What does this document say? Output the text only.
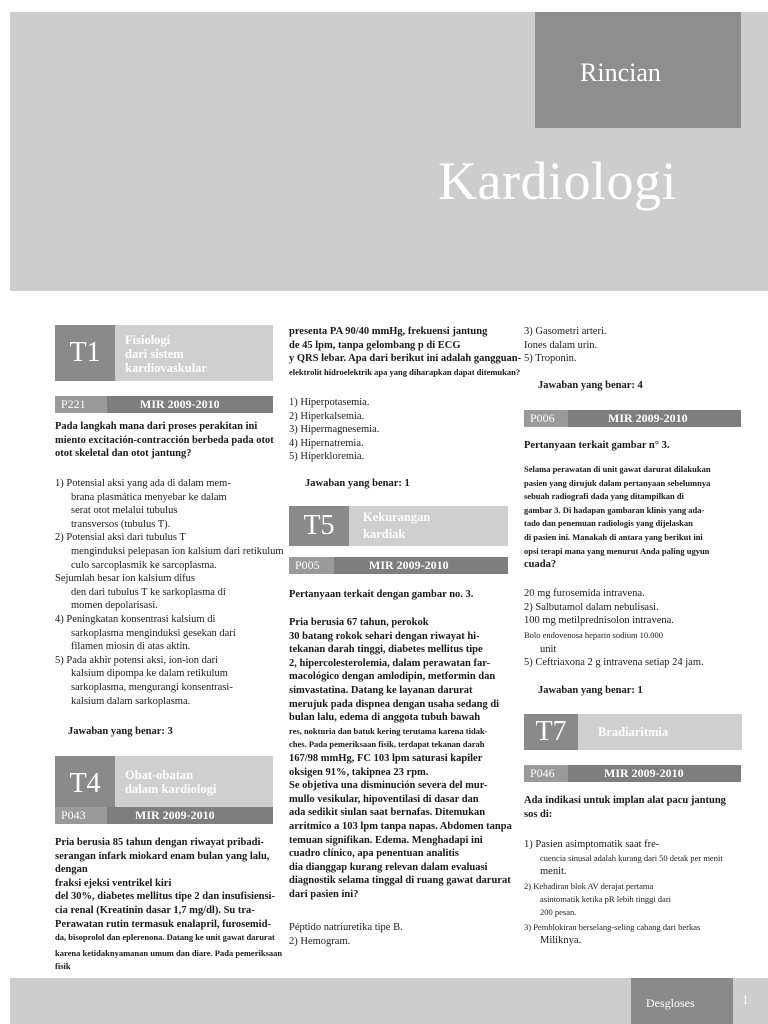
Rincian
Kardiologi
T1	Fisiologi
dari sistem
kardiovaskular
P221	MIR 2009-2010

Pada langkah mana dari proses perakitan ini

miento excitación-contracción berbeda pada otot

otot skeletal dan otot jantung?

1) Potensial aksi yang ada di dalam mem-

brana plasmática menyebar ke dalam

serat otot melalui tubulus

transversos (tubulus T).

2) Potensial aksi dari tubulus T

menginduksi pelepasan ion kalsium dari retikulum

culo sarcoplasmik ke sarcoplasma.

Sejumlah besar ion kalsium difus

den dari tubulus T ke sarkoplasma di

momen depolarisasi.

4) Peningkatan konsentrasi kalsium di

sarkoplasma menginduksi gesekan dari

filamen miosin di atas aktin.

5) Pada akhir potensi aksi, ion-ion dari

kalsium dipompa ke dalam retikulum

sarkoplasma, mengurangi konsentrasi-

kalsium dalam sarkoplasma.

Jawaban yang benar: 3
T4	Obat-obatan
dalam kardiologi
P043	MIR 2009-2010

Pria berusia 85 tahun dengan riwayat pribadi-

serangan infark miokard enam bulan yang lalu, dengan

fraksi ejeksi ventrikel kiri

del 30%, diabetes mellitus tipe 2 dan insufisiensi-

cia renal (Kreatinin dasar 1,7 mg/dl). Su tra-

Perawatan rutin termasuk enalapril, furosemid-

da, bisoprolol dan eplerenona. Datang ke unit gawat darurat

karena ketidaknyamanan umum dan diare. Pada pemeriksaan fisik

presenta PA 90/40 mmHg, frekuensi jantung

de 45 lpm, tanpa gelombang p di ECG

y QRS lebar. Apa dari berikut ini adalah gangguan-

elektrolit hidroelektrik apa yang diharapkan dapat ditemukan?

1) Hiperpotasemia.

2) Hiperkalsemia.

3) Hipermagnesemia.

4) Hipernatremia.

5) Hiperkloremia.

Jawaban yang benar: 1
T5	Kekurangan
kardiak
P005	MIR 2009-2010
Pertanyaan terkait dengan gambar no. 3.

Pria berusia 67 tahun, perokok

30 batang rokok sehari dengan riwayat hi-

tekanan darah tinggi, diabetes mellitus tipe

2, hipercolesterolemia, dalam perawatan far-

macológico dengan amlodipin, metformin dan

simvastatina. Datang ke layanan darurat

merujuk pada dispnea dengan usaha sedang di

bulan lalu, edema di anggota tubuh bawah

res, nokturia dan batuk kering terutama karena tidak-

ches. Pada pemeriksaan fisik, terdapat tekanan darah

167/98 mmHg, FC 103 lpm saturasi kapiler

oksigen 91%, takipnea 23 rpm.

Se objetiva una disminución severa del mur-

mullo vesikular, hipoventilasi di dasar dan

ada sedikit siulan saat bernafas. Ditemukan

arritmico a 103 lpm tanpa napas. Abdomen tanpa

temuan signifikan. Edema. Menghadapi ini

cuadro clínico, apa penentuan analitis

dia dianggap kurang relevan dalam evaluasi

diagnostik selama tinggal di ruang gawat darurat

dari pasien ini?

Péptido natriuretika tipe B.

2) Hemogram.

3) Gasometri arteri.

Iones dalam urin.

5) Troponin.

Jawaban yang benar: 4
P006	MIR 2009-2010
Pertanyaan terkait gambar n° 3.

Selama perawatan di unit gawat darurat dilakukan

pasien yang dirujuk dalam pertanyaan sebelumnya

sebuah radiografi dada yang ditampilkan di

gambar 3. Di hadapan gambaran klinis yang ada-

tado dan penemuan radiologis yang dijelaskan

di pasien ini. Manakah di antara yang berikut ini

opsi terapi mana yang menurut Anda paling ugyun

cuada?

20 mg furosemida intravena.

2) Salbutamol dalam nebulisasi.

100 mg metilprednisolon intravena.

Bolo endovenosa heparin sodium 10.000

unit

5) Ceftriaxona 2 g intravena setiap 24 jam.

Jawaban yang benar: 1
T7	Bradiaritmia
P046	MIR 2009-2010

Ada indikasi untuk implan alat pacu jantung

sos di:

1) Pasien asimptomatik saat fre-

cuencia sinusal adalah kurang dari 50 detak per menit

menit.

2) Kehadiran blok AV derajat pertama

asintomatik ketika pR lebih tinggi dari

200 pesan.

3) Pemblokiran berselang-seling cabang dari berkas

Miliknya.

Desgloses	1
